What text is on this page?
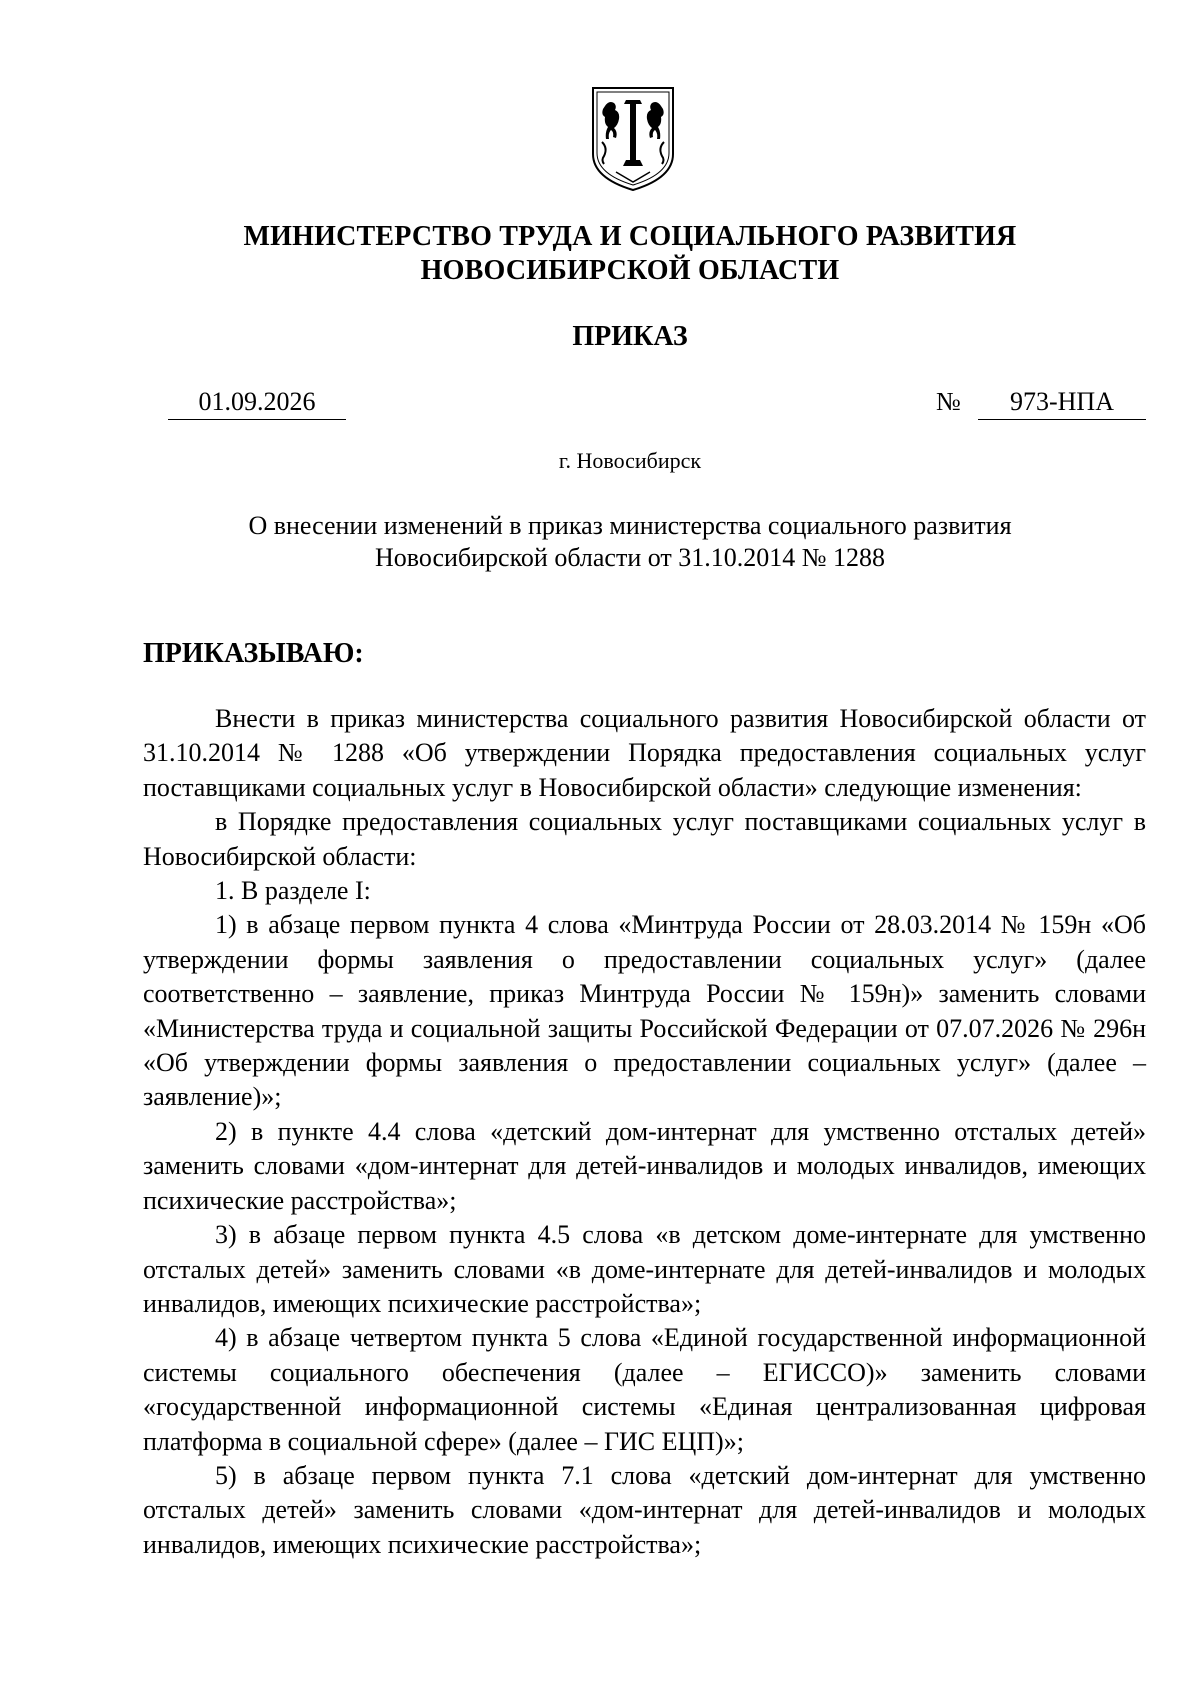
МИНИСТЕРСТВО ТРУДА И СОЦИАЛЬНОГО РАЗВИТИЯ
НОВОСИБИРСКОЙ ОБЛАСТИ
ПРИКАЗ
01.09.2026	№	973-НПА
г. Новосибирск
О внесении изменений в приказ министерства социального развития
Новосибирской области от 31.10.2014 № 1288
ПРИКАЗЫВАЮ:

Внести в приказ министерства социального развития Новосибирской области от 31.10.2014 № 1288 «Об утверждении Порядка предоставления социальных услуг поставщиками социальных услуг в Новосибирской области» следующие изменения:

в Порядке предоставления социальных услуг поставщиками социальных услуг в Новосибирской области:

1. В разделе I:

1) в абзаце первом пункта 4 слова «Минтруда России от 28.03.2014 № 159н «Об утверждении формы заявления о предоставлении социальных услуг» (далее соответственно – заявление, приказ Минтруда России № 159н)» заменить словами «Министерства труда и социальной защиты Российской Федерации от 07.07.2026 № 296н «Об утверждении формы заявления о предоставлении социальных услуг» (далее – заявление)»;

2) в пункте 4.4 слова «детский дом-интернат для умственно отсталых детей» заменить словами «дом-интернат для детей-инвалидов и молодых инвалидов, имеющих психические расстройства»;

3) в абзаце первом пункта 4.5 слова «в детском доме-интернате для умственно отсталых детей» заменить словами «в доме-интернате для детей-инвалидов и молодых инвалидов, имеющих психические расстройства»;

4) в абзаце четвертом пункта 5 слова «Единой государственной информационной системы социального обеспечения (далее – ЕГИССО)» заменить словами «государственной информационной системы «Единая централизованная цифровая платформа в социальной сфере» (далее – ГИС ЕЦП)»;

5) в абзаце первом пункта 7.1 слова «детский дом-интернат для умственно отсталых детей» заменить словами «дом-интернат для детей-инвалидов и молодых инвалидов, имеющих психические расстройства»;
